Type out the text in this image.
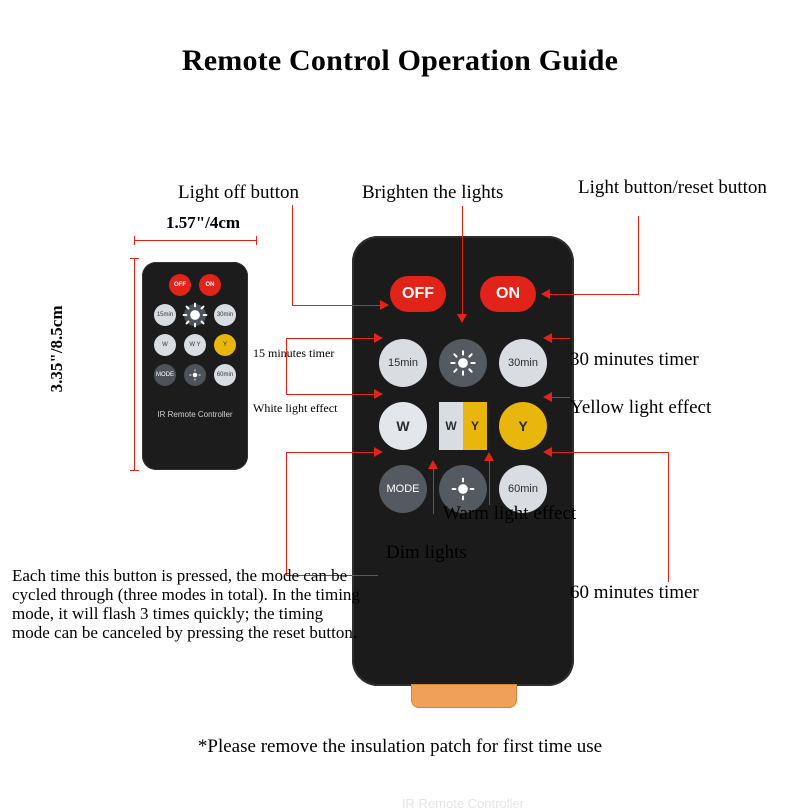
Remote Control Operation Guide
1.57"/4cm
3.35"/8.5cm
OFF	ON
15min	30min
W	W Y	Y
MODE	60min
IR Remote Controller
OFF	ON
15min	30min
W	W	Y	Y
MODE	60min
IR Remote Controller
Light off button	Brighten the lights	Light button/reset button
15 minutes timer	30 minutes timer
White light effect	Yellow light effect
Warm light effect
Dim lights
60 minutes timer
Each time this button is pressed, the mode can be cycled through (three modes in total). In the timing mode, it will flash 3 times quickly; the timing mode can be canceled by pressing the reset button.
*Please remove the insulation patch for first time use
